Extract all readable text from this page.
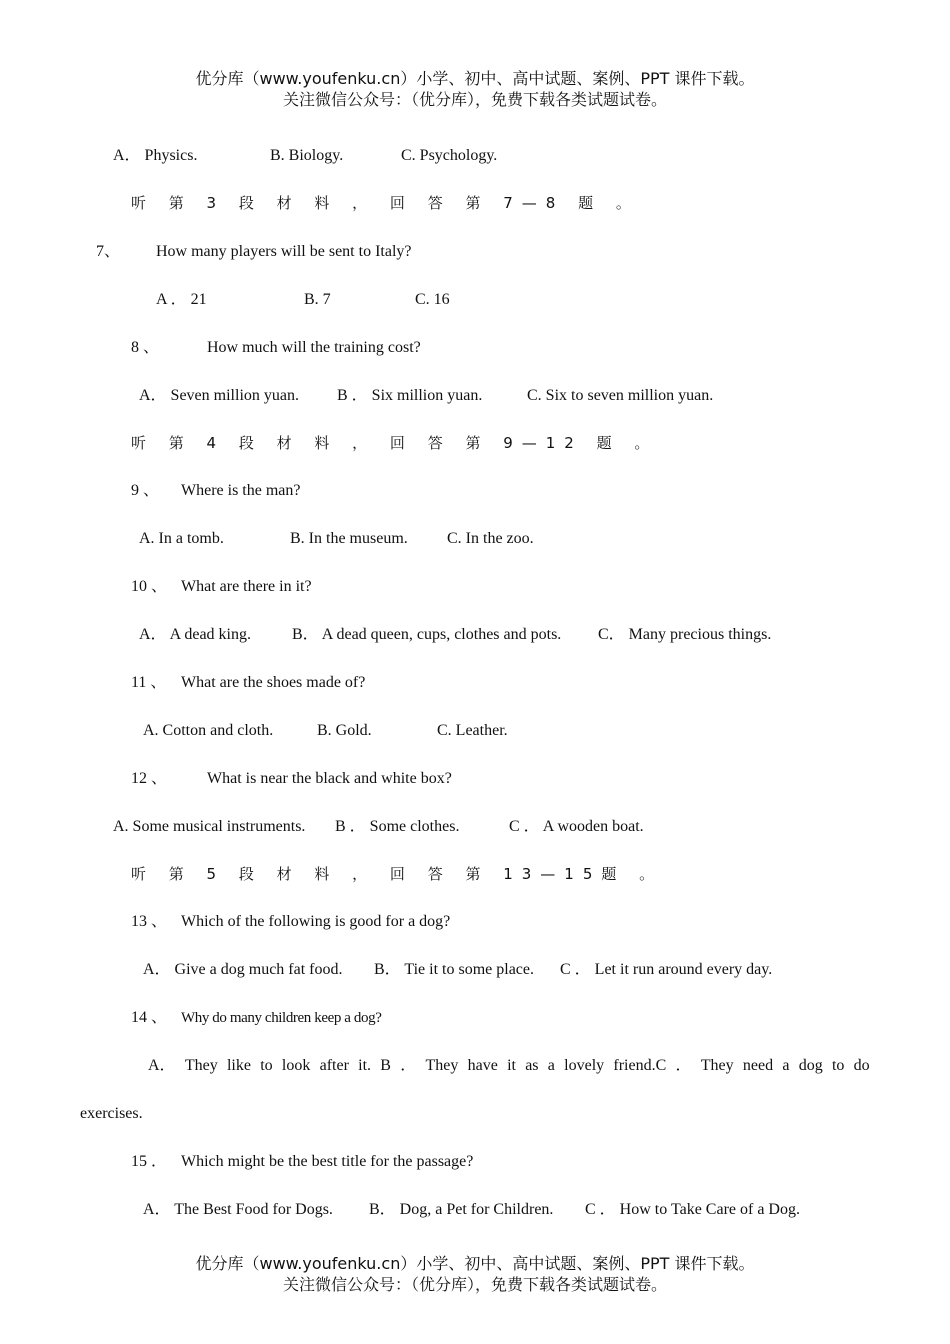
优分库（www.youfenku.cn）小学、初中、高中试题、案例、PPT 课件下载。
关注微信公众号：（优分库），免费下载各类试题试卷。
A． Physics.	B. Biology.	C. Psychology.
听 第 3 段 材 料 ， 回 答 第 7—8 题 。
7、 How many players will be sent to Italy?
A ． 21	B. 7	C. 16
8 、	How much will the training cost?
A． Seven million yuan. B ． Six million yuan.	C. Six to seven million yuan.
听 第 4 段 材 料 ， 回 答 第 9—12 题 。
9 、 Where is the man?
A. In a tomb.	B. In the museum. C. In the zoo.
10 、 What are there in it?
A． A dead king.	B． A dead queen, cups, clothes and pots. C． Many precious things.
11 、 What are the shoes made of?
A. Cotton and cloth.	B. Gold.	C. Leather.
12 、 What is near the black and white box?
A. Some musical instruments. B ． Some clothes.	C ． A wooden boat.
听 第 5 段 材 料 ， 回 答 第 13—15题 。
13 、 Which of the following is good for a dog?
A． Give a dog much fat food. B． Tie it to some place. C ． Let it run around every day.
14 、 Why do many children keep a dog?
A． They like to look after it. B ． They have it as a lovely friend.C ． They need a dog to do
exercises.
15 ． Which might be the best title for the passage?
A． The Best Food for Dogs. B． Dog, a Pet for Children. C ． How to Take Care of a Dog.
优分库（www.youfenku.cn）小学、初中、高中试题、案例、PPT 课件下载。
关注微信公众号：（优分库），免费下载各类试题试卷。
